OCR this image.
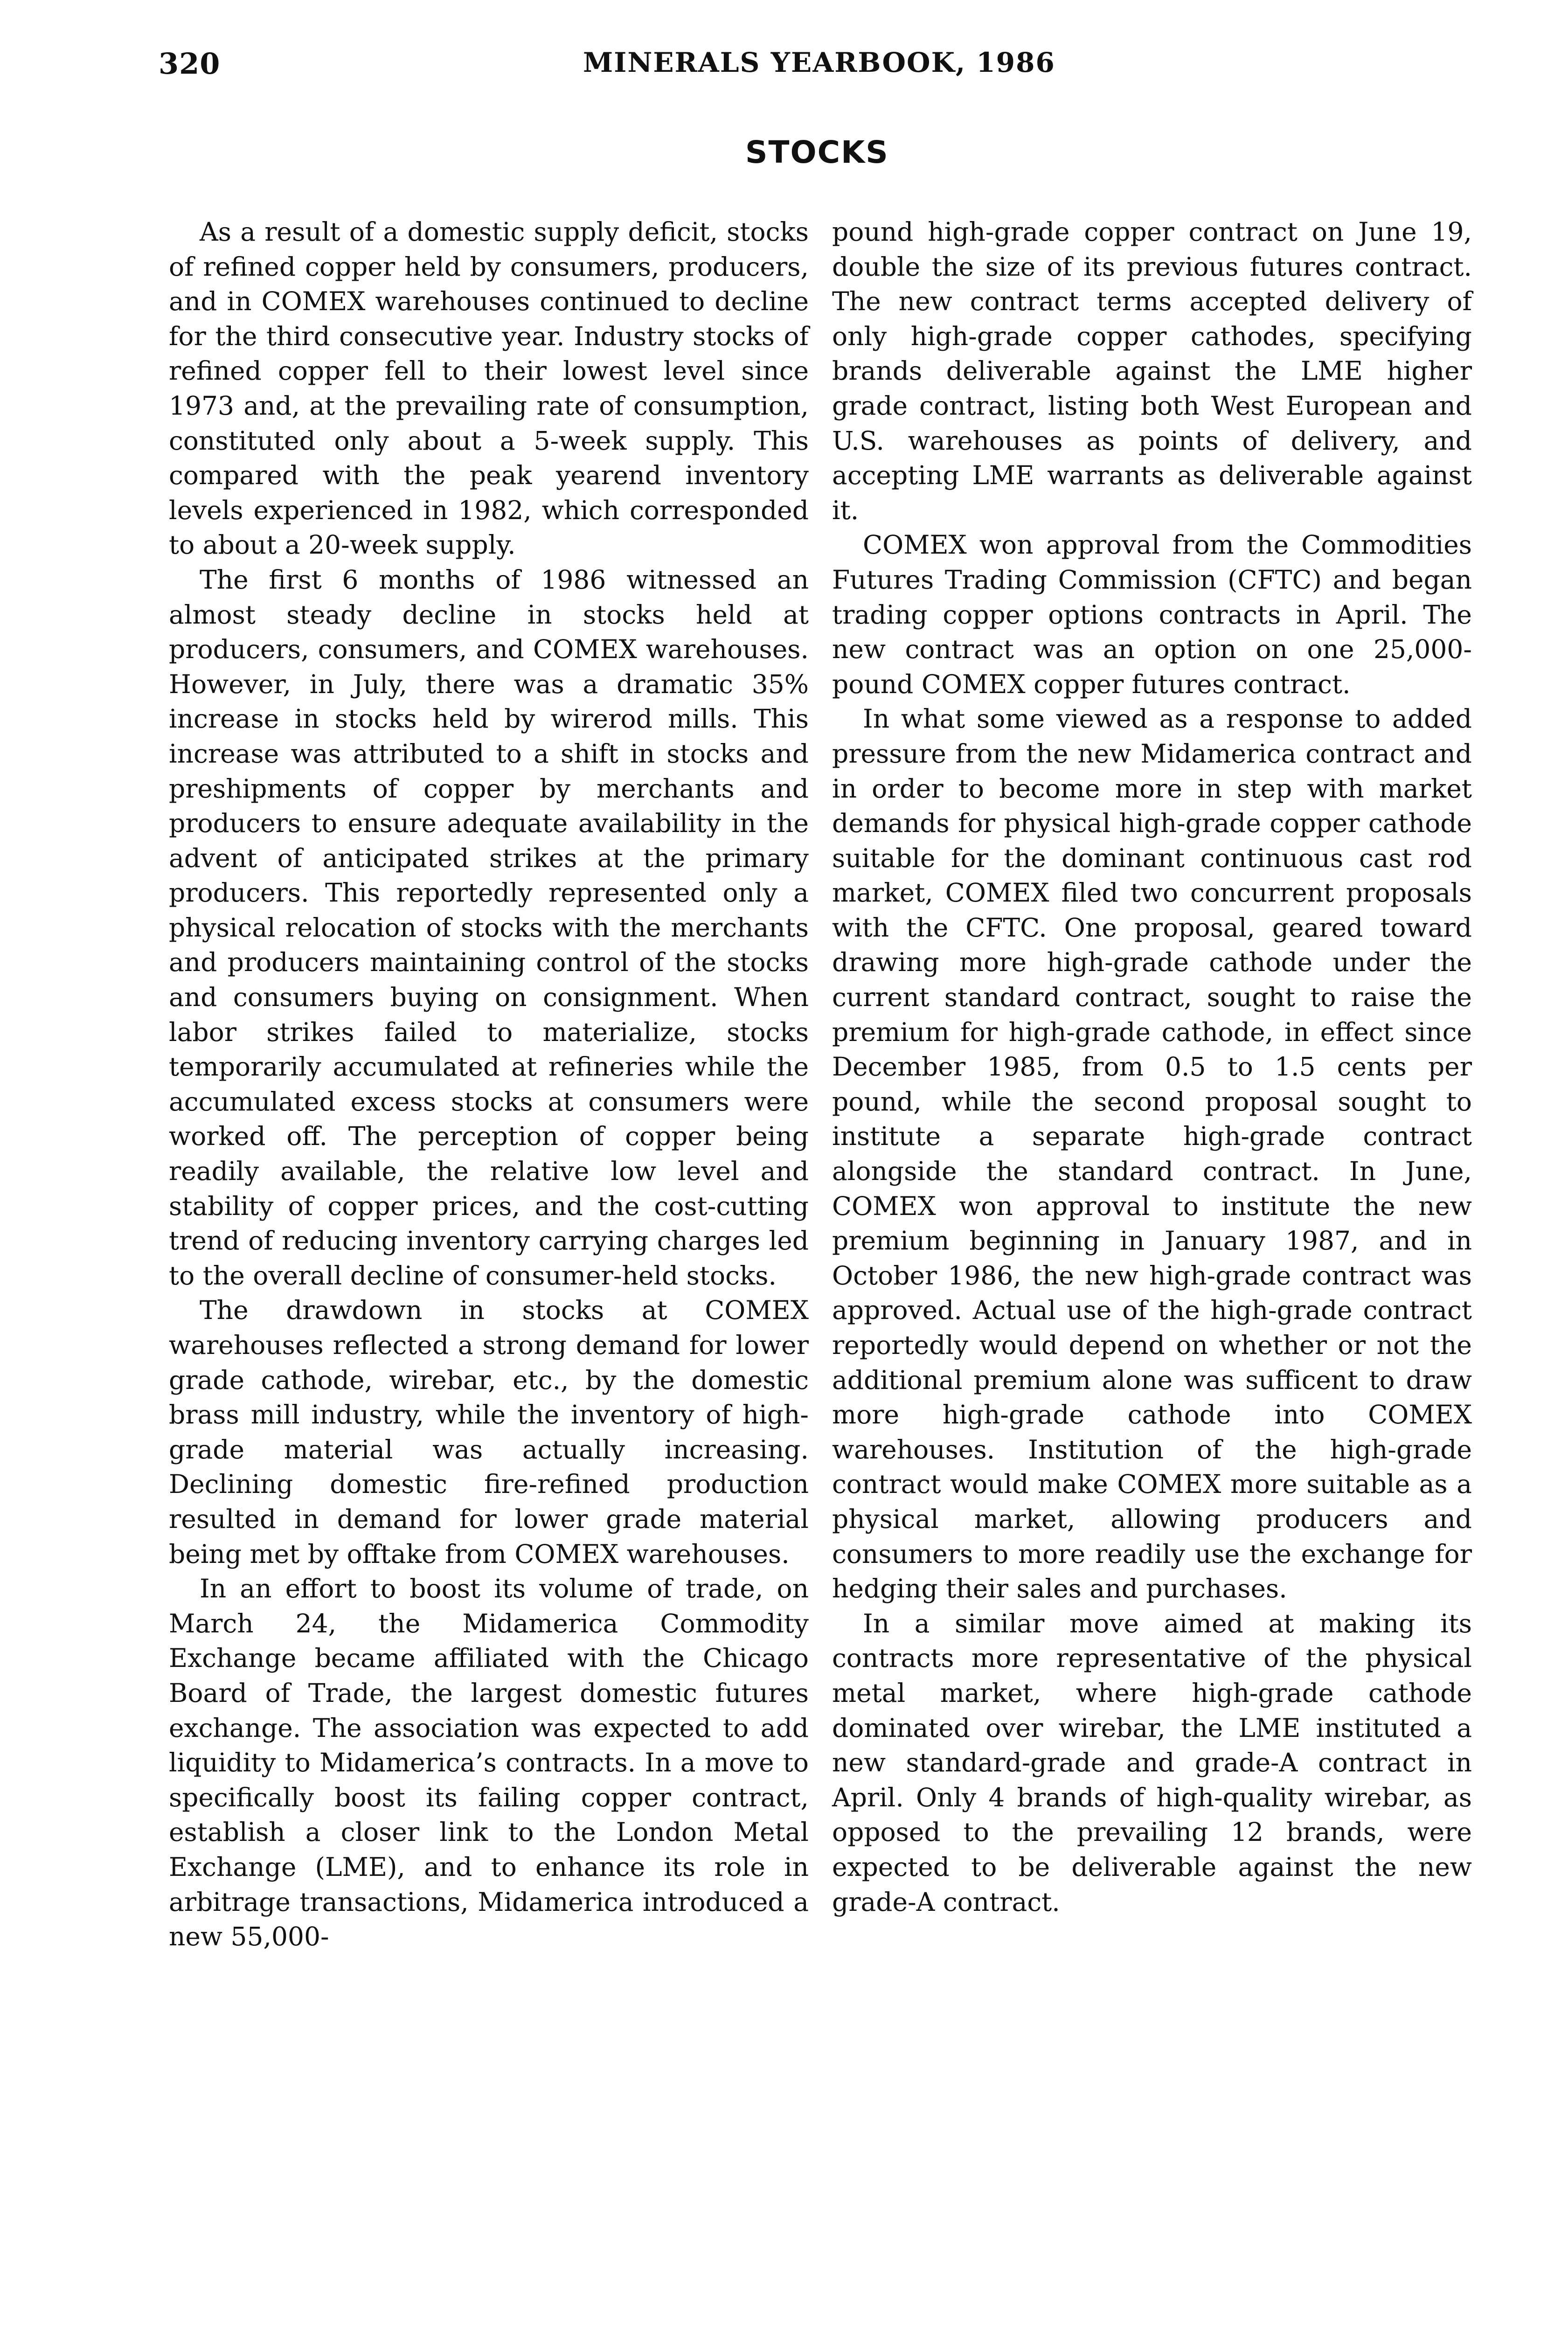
320	MINERALS YEARBOOK, 1986
STOCKS

As a result of a domestic supply deficit, stocks of refined copper held by consumers, producers, and in COMEX warehouses continued to decline for the third consecutive year. Industry stocks of refined copper fell to their lowest level since 1973 and, at the prevailing rate of consumption, constituted only about a 5-week supply. This compared with the peak yearend inventory levels experienced in 1982, which corresponded to about a 20-week supply.

The first 6 months of 1986 witnessed an almost steady decline in stocks held at producers, consumers, and COMEX warehouses. However, in July, there was a dramatic 35% increase in stocks held by wirerod mills. This increase was attributed to a shift in stocks and preshipments of copper by merchants and producers to ensure adequate availability in the advent of anticipated strikes at the primary producers. This reportedly represented only a physical relocation of stocks with the merchants and producers maintaining control of the stocks and consumers buying on consignment. When labor strikes failed to materialize, stocks temporarily accumulated at refineries while the accumulated excess stocks at consumers were worked off. The perception of copper being readily available, the relative low level and stability of copper prices, and the cost-cutting trend of reducing inventory carrying charges led to the overall decline of consumer-held stocks.

The drawdown in stocks at COMEX warehouses reflected a strong demand for lower grade cathode, wirebar, etc., by the domestic brass mill industry, while the inventory of high-grade material was actually increasing. Declining domestic fire-refined production resulted in demand for lower grade material being met by offtake from COMEX warehouses.

In an effort to boost its volume of trade, on March 24, the Midamerica Commodity Exchange became affiliated with the Chicago Board of Trade, the largest domestic futures exchange. The association was expected to add liquidity to Midamerica’s contracts. In a move to specifically boost its failing copper contract, establish a closer link to the London Metal Exchange (LME), and to enhance its role in arbitrage transactions, Midamerica introduced a new 55,000-

pound high-grade copper contract on June 19, double the size of its previous futures contract. The new contract terms accepted delivery of only high-grade copper cathodes, specifying brands deliverable against the LME higher grade contract, listing both West European and U.S. warehouses as points of delivery, and accepting LME warrants as deliverable against it.

COMEX won approval from the Commodities Futures Trading Commission (CFTC) and began trading copper options contracts in April. The new contract was an option on one 25,000-pound COMEX copper futures contract.

In what some viewed as a response to added pressure from the new Midamerica contract and in order to become more in step with market demands for physical high-grade copper cathode suitable for the dominant continuous cast rod market, COMEX filed two concurrent proposals with the CFTC. One proposal, geared toward drawing more high-grade cathode under the current standard contract, sought to raise the premium for high-grade cathode, in effect since December 1985, from 0.5 to 1.5 cents per pound, while the second proposal sought to institute a separate high-grade contract alongside the standard contract. In June, COMEX won approval to institute the new premium beginning in January 1987, and in October 1986, the new high-grade contract was approved. Actual use of the high-grade contract reportedly would depend on whether or not the additional premium alone was sufficent to draw more high-grade cathode into COMEX warehouses. Institution of the high-grade contract would make COMEX more suitable as a physical market, allowing producers and consumers to more readily use the exchange for hedging their sales and purchases.

In a similar move aimed at making its contracts more representative of the physical metal market, where high-grade cathode dominated over wirebar, the LME instituted a new standard-grade and grade-A contract in April. Only 4 brands of high-quality wirebar, as opposed to the prevailing 12 brands, were expected to be deliverable against the new grade-A contract.
